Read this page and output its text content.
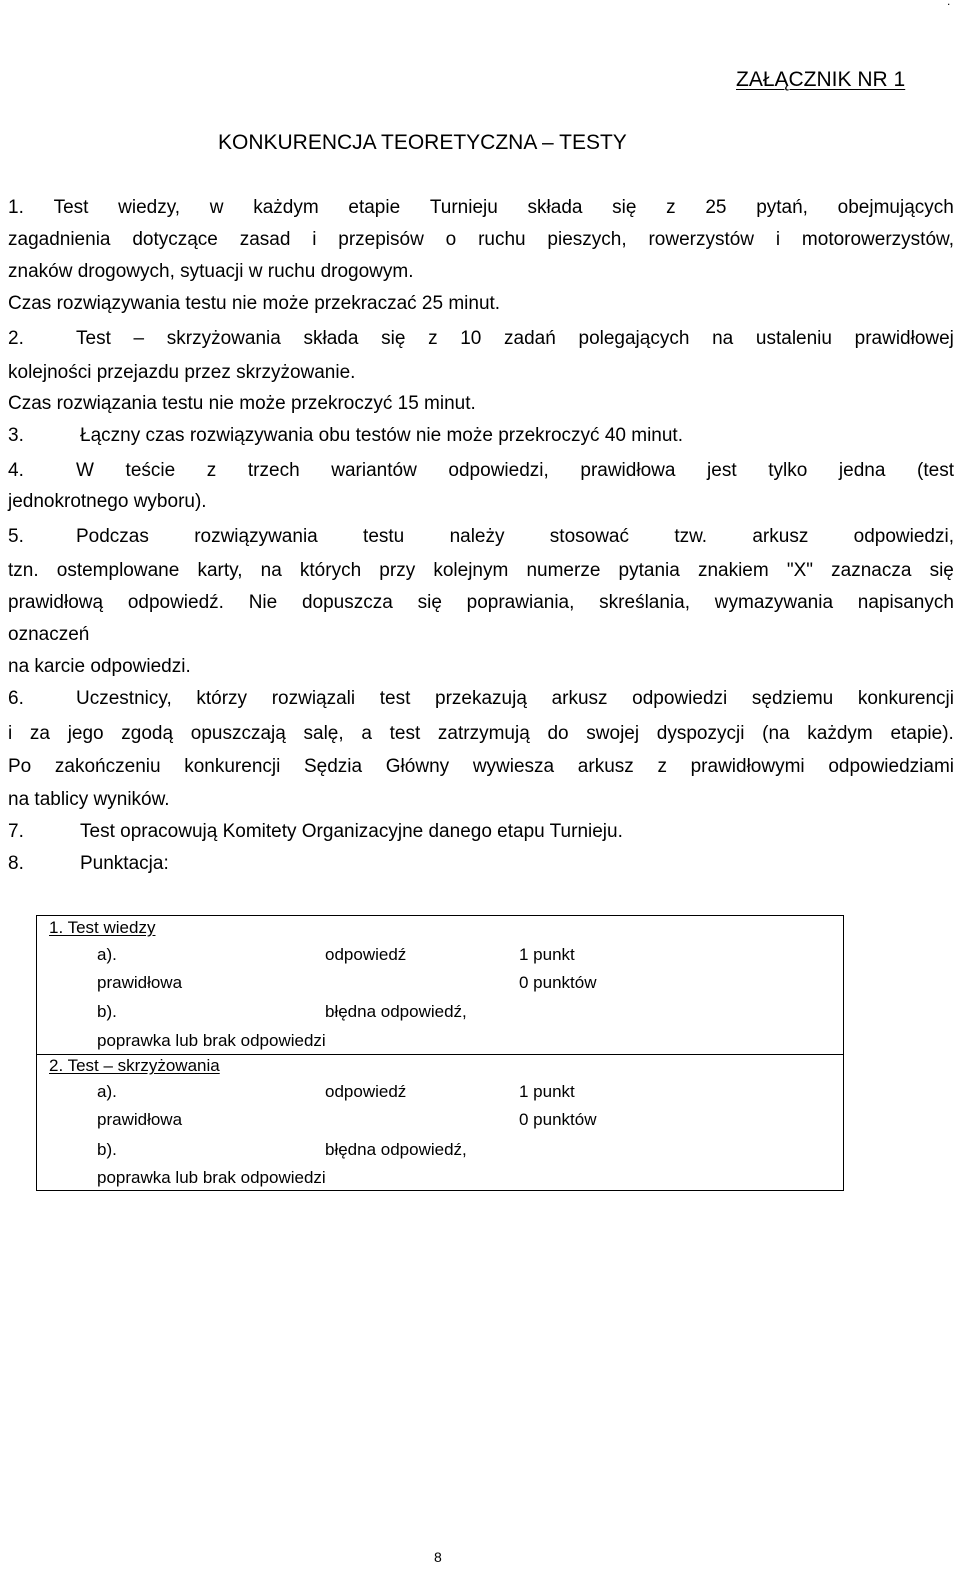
.
ZAŁĄCZNIK NR 1
KONKURENCJA TEORETYCZNA – TESTY
1. Test wiedzy, w każdym etapie Turnieju składa się z 25 pytań, obejmujących
zagadnienia dotyczące zasad i przepisów o ruchu pieszych, rowerzystów i motorowerzystów,
znaków drogowych, sytuacji w ruchu drogowym.
Czas rozwiązywania testu nie może przekraczać 25 minut.
2.	Test – skrzyżowania składa się z 10 zadań polegających na ustaleniu prawidłowej
kolejności przejazdu przez skrzyżowanie.
Czas rozwiązania testu nie może przekroczyć 15 minut.
3.	Łączny czas rozwiązywania obu testów nie może przekroczyć 40 minut.
4.	W teście z trzech wariantów odpowiedzi, prawidłowa jest tylko jedna (test
jednokrotnego wyboru).
5.	Podczas rozwiązywania testu należy stosować tzw. arkusz odpowiedzi,
tzn. ostemplowane karty, na których przy kolejnym numerze pytania znakiem "X" zaznacza się
prawidłową odpowiedź. Nie dopuszcza się poprawiania, skreślania, wymazywania napisanych
oznaczeń
na karcie odpowiedzi.
6.	Uczestnicy, którzy rozwiązali test przekazują arkusz odpowiedzi sędziemu konkurencji
i za jego zgodą opuszczają salę, a test zatrzymują do swojej dyspozycji (na każdym etapie).
Po zakończeniu konkurencji Sędzia Główny wywiesza arkusz z prawidłowymi odpowiedziami
na tablicy wyników.
7.	Test opracowują Komitety Organizacyjne danego etapu Turnieju.
8.	Punktacja:
1. Test wiedzy
a).	odpowiedź	1 punkt
prawidłowa	0 punktów
b).	błędna odpowiedź,
poprawka lub brak odpowiedzi
2. Test – skrzyżowania
a).	odpowiedź	1 punkt
prawidłowa	0 punktów
b).	błędna odpowiedź,
poprawka lub brak odpowiedzi
8
